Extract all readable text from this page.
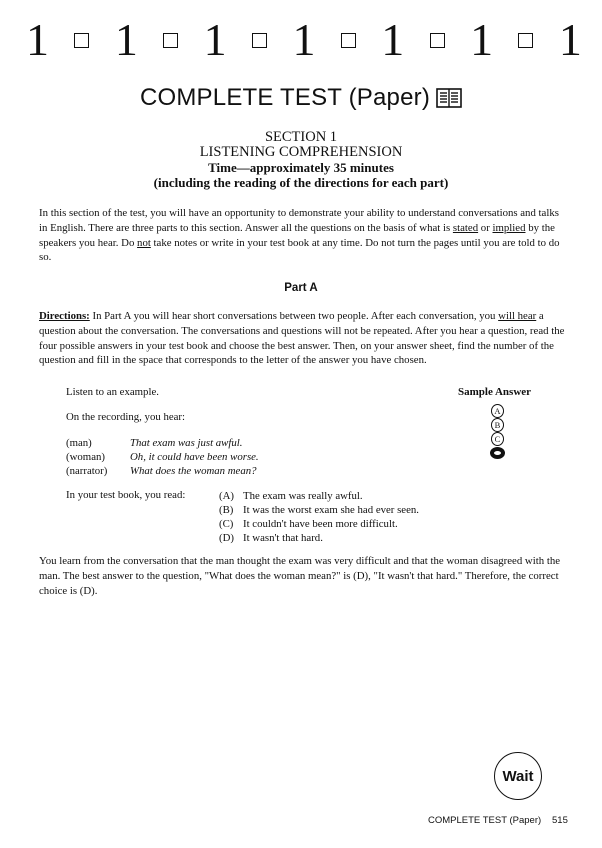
1 1 1 1 1 1 1
COMPLETE TEST (Paper)
SECTION 1
LISTENING COMPREHENSION
Time—approximately 35 minutes
(including the reading of the directions for each part)
In this section of the test, you will have an opportunity to demonstrate your ability to understand conversations and talks in English. There are three parts to this section. Answer all the questions on the basis of what is stated or implied by the speakers you hear. Do not take notes or write in your test book at any time. Do not turn the pages until you are told to do so.
Part A
Directions: In Part A you will hear short conversations between two people. After each conversation, you will hear a question about the conversation. The conversations and questions will not be repeated. After you hear a question, read the four possible answers in your test book and choose the best answer. Then, on your answer sheet, find the number of the question and fill in the space that corresponds to the letter of the answer you have chosen.
Listen to an example.	Sample Answer
On the recording, you hear:	A
B
C
(man)	That exam was just awful.
(woman)	Oh, it could have been worse.
(narrator)	What does the woman mean?
In your test book, you read:	(A) The exam was really awful.
(B) It was the worst exam she had ever seen.
(C) It couldn't have been more difficult.
(D) It wasn't that hard.
You learn from the conversation that the man thought the exam was very difficult and that the woman disagreed with the man. The best answer to the question, "What does the woman mean?" is (D), "It wasn't that hard." Therefore, the correct choice is (D).
Wait
COMPLETE TEST (Paper) 515
